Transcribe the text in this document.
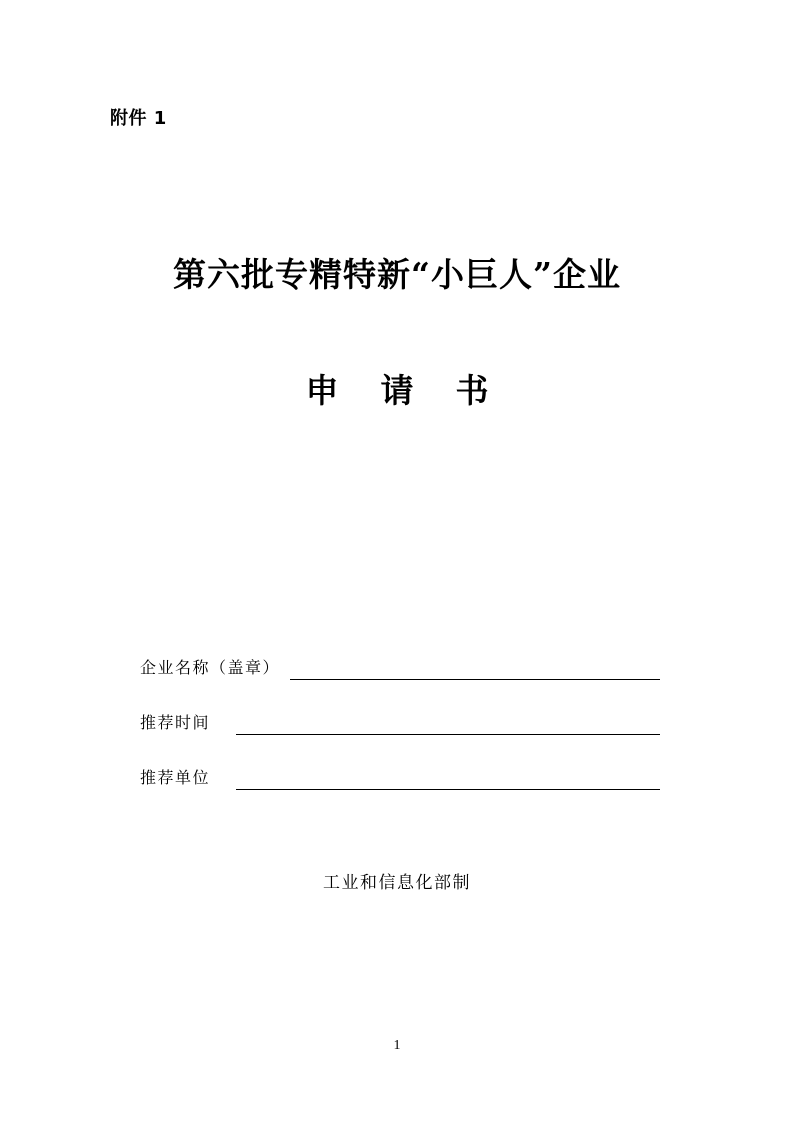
附件 1
第六批专精特新“小巨人”企业
申请书
企业名称（盖章）
推荐时间
推荐单位
工业和信息化部制
1
